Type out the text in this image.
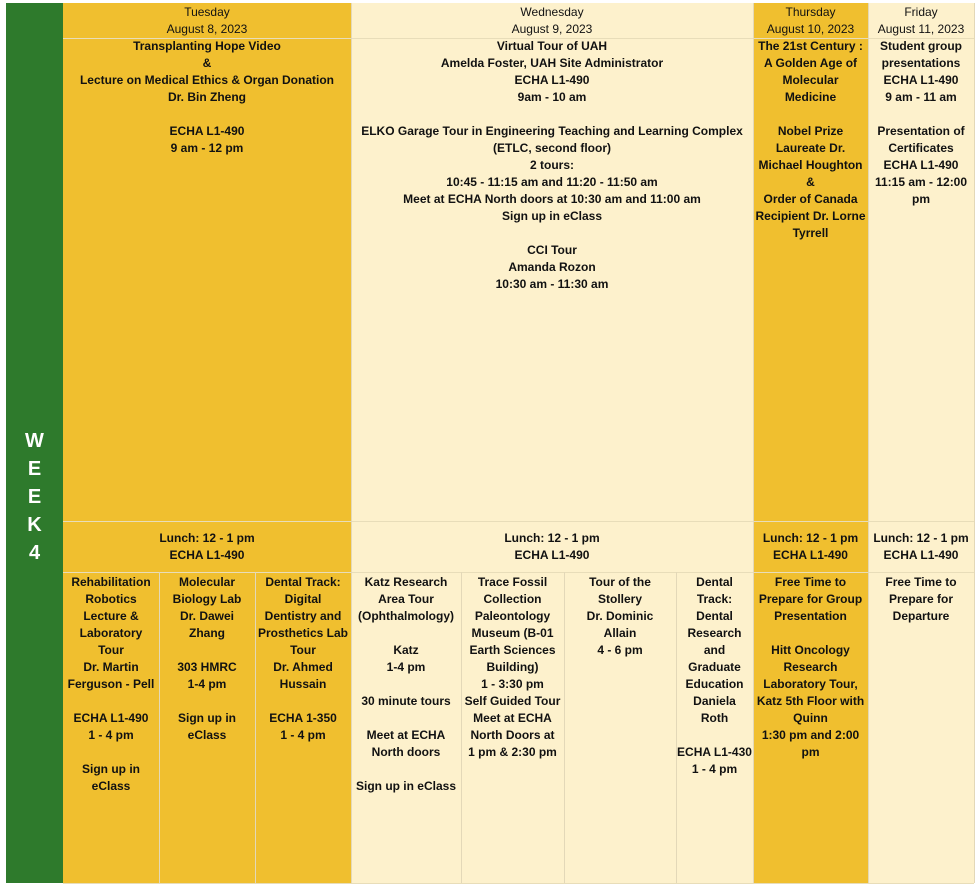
W
E
E
K
4
Tuesday
August 8, 2023
Wednesday
August 9, 2023
Thursday
August 10, 2023
Friday
August 11, 2023
Transplanting Hope Video
&
Lecture on Medical Ethics & Organ Donation
Dr. Bin Zheng
ECHA L1-490
9 am - 12 pm
Virtual Tour of UAH
Amelda Foster, UAH Site Administrator
ECHA L1-490
9am - 10 am
ELKO Garage Tour in Engineering Teaching and Learning Complex
(ETLC, second floor)
2 tours:
10:45 - 11:15 am and 11:20 - 11:50 am
Meet at ECHA North doors at 10:30 am and 11:00 am
Sign up in eClass
CCI Tour
Amanda Rozon
10:30 am - 11:30 am
The 21st Century :
A Golden Age of
Molecular
Medicine
Nobel Prize
Laureate Dr.
Michael Houghton
&
Order of Canada
Recipient Dr. Lorne
Tyrrell
Student group
presentations
ECHA L1-490
9 am - 11 am
Presentation of
Certificates
ECHA L1-490
11:15 am - 12:00
pm
Lunch: 12 - 1 pm
ECHA L1-490
Lunch: 12 - 1 pm
ECHA L1-490
Lunch: 12 - 1 pm
ECHA L1-490
Lunch: 12 - 1 pm
ECHA L1-490
Rehabilitation
Robotics
Lecture &
Laboratory
Tour
Dr. Martin
Ferguson - Pell
ECHA L1-490
1 - 4 pm
Sign up in
eClass
Molecular
Biology Lab
Dr. Dawei
Zhang
303 HMRC
1-4 pm
Sign up in
eClass
Dental Track:
Digital
Dentistry and
Prosthetics Lab
Tour
Dr. Ahmed
Hussain
ECHA 1-350
1 - 4 pm
Katz Research
Area Tour
(Ophthalmology)
Katz
1-4 pm
30 minute tours
Meet at ECHA
North doors
Sign up in eClass
Trace Fossil
Collection
Paleontology
Museum (B-01
Earth Sciences
Building)
1 - 3:30 pm
Self Guided Tour
Meet at ECHA
North Doors at
1 pm & 2:30 pm
Tour of the
Stollery
Dr. Dominic
Allain
4 - 6 pm
Dental
Track:
Dental
Research
and
Graduate
Education
Daniela
Roth
ECHA L1-430
1 - 4 pm
Free Time to
Prepare for Group
Presentation
Hitt Oncology
Research
Laboratory Tour,
Katz 5th Floor with
Quinn
1:30 pm and 2:00
pm
Free Time to
Prepare for
Departure
